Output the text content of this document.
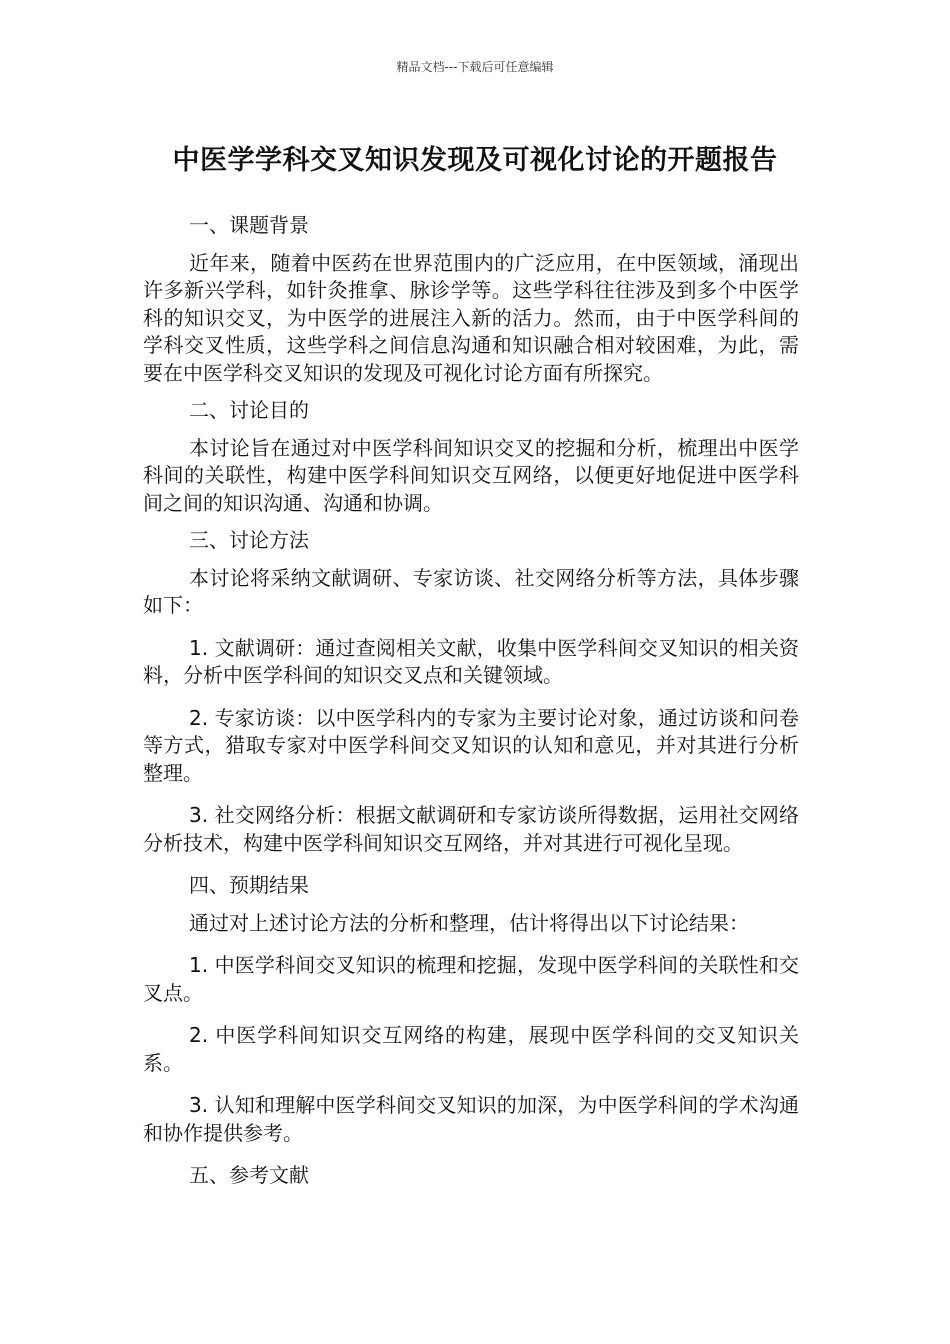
精品文档---下载后可任意编辑
中医学学科交叉知识发现及可视化讨论的开题报告
一、课题背景
近年来，随着中医药在世界范围内的广泛应用，在中医领域，涌现出许多新兴学科，如针灸推拿、脉诊学等。这些学科往往涉及到多个中医学科的知识交叉，为中医学的进展注入新的活力。然而，由于中医学科间的学科交叉性质，这些学科之间信息沟通和知识融合相对较困难，为此，需要在中医学科交叉知识的发现及可视化讨论方面有所探究。
二、讨论目的
本讨论旨在通过对中医学科间知识交叉的挖掘和分析，梳理出中医学科间的关联性，构建中医学科间知识交互网络，以便更好地促进中医学科间之间的知识沟通、沟通和协调。
三、讨论方法
本讨论将采纳文献调研、专家访谈、社交网络分析等方法，具体步骤如下：
1. 文献调研：通过查阅相关文献，收集中医学科间交叉知识的相关资料，分析中医学科间的知识交叉点和关键领域。
2. 专家访谈：以中医学科内的专家为主要讨论对象，通过访谈和问卷等方式，猎取专家对中医学科间交叉知识的认知和意见，并对其进行分析整理。
3. 社交网络分析：根据文献调研和专家访谈所得数据，运用社交网络分析技术，构建中医学科间知识交互网络，并对其进行可视化呈现。
四、预期结果
通过对上述讨论方法的分析和整理，估计将得出以下讨论结果：
1. 中医学科间交叉知识的梳理和挖掘，发现中医学科间的关联性和交叉点。
2. 中医学科间知识交互网络的构建，展现中医学科间的交叉知识关系。
3. 认知和理解中医学科间交叉知识的加深，为中医学科间的学术沟通和协作提供参考。
五、参考文献
